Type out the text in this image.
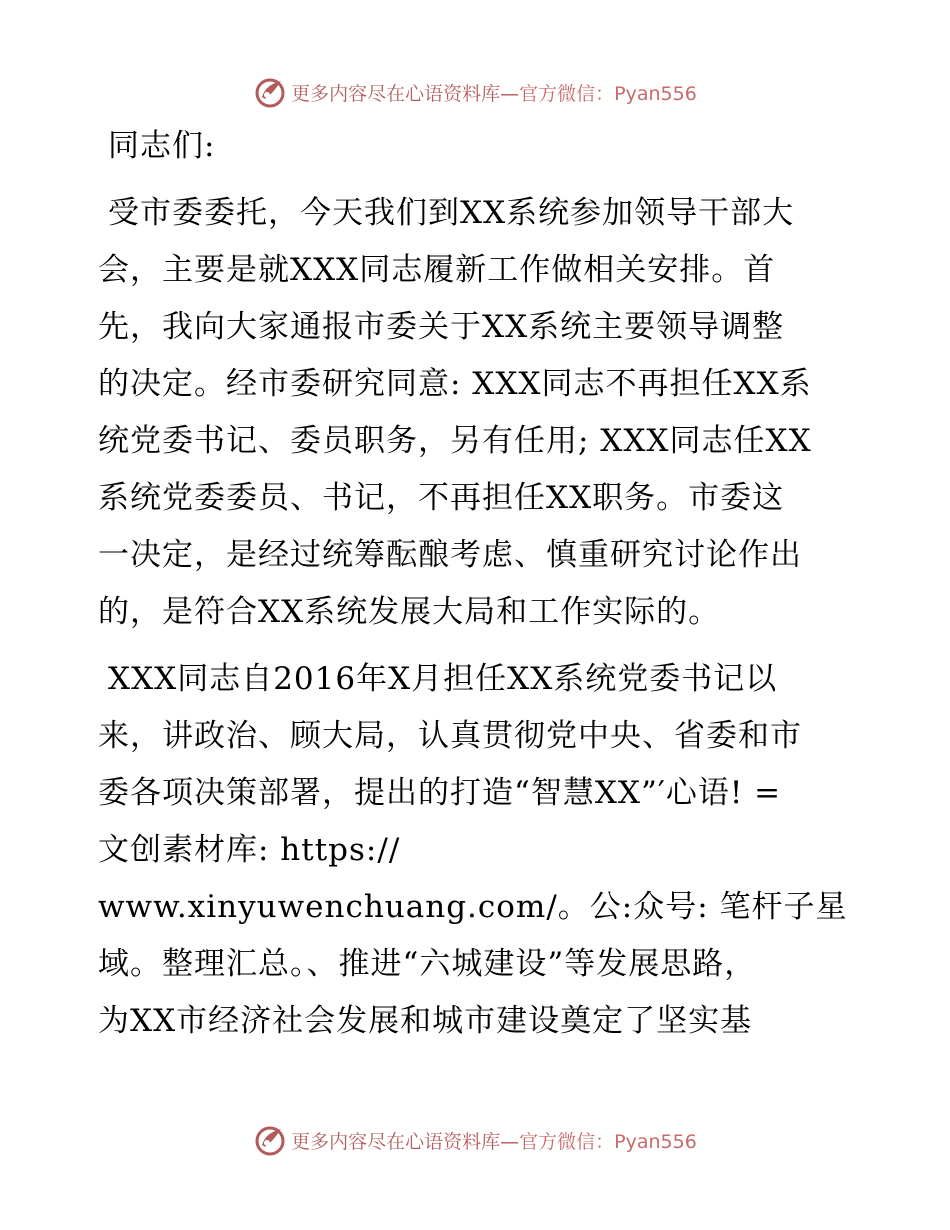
更多内容尽在心语资料库— 官方微信：Pyan556
同志们:
受市委委托，今天我们到XX系统参加领导干部大
会，主要是就XXX同志履新工作做相关安排。首
先，我向大家通报市委关于XX系统主要领导调整
的决定。经市委研究同意: XXX同志不再担任XX系
统党委书记、委员职务，另有任用; XXX同志任XX
系统党委委员、书记，不再担任XX职务。市委这
一决定，是经过统筹酝酿考虑、慎重研究讨论作出
的，是符合XX系统发展大局和工作实际的。
XXX同志自2016年X月担任XX系统党委书记以
来，讲政治、顾大局，认真贯彻党中央、省委和市
委各项决策部署，提出的打造“智慧XX”′心语! =
文创素材库: https://
www.xinyuwenchuang.com/。公:众号: 笔杆子星
域。整理汇总。、推进“六城建设”等发展思路，
为XX市经济社会发展和城市建设奠定了坚实基
更多内容尽在心语资料库— 官方微信：Pyan556
